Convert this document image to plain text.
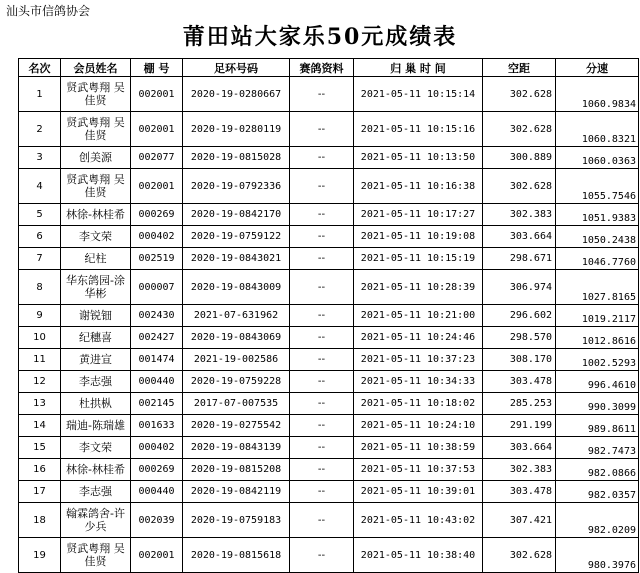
汕头市信鸽协会
莆田站大家乐50元成绩表
名次	会员姓名	棚 号	足环号码	赛鸽资料	归 巢 时 间	空距	分速
1	贤武粤翔 吴佳贤	002001	2020-19-0280667	--	2021-05-11 10:15:14	302.628	1060.9834
2	贤武粤翔 吴佳贤	002001	2020-19-0280119	--	2021-05-11 10:15:16	302.628	1060.8321
3	创美源	002077	2020-19-0815028	--	2021-05-11 10:13:50	300.889	1060.0363
4	贤武粤翔 吴佳贤	002001	2020-19-0792336	--	2021-05-11 10:16:38	302.628	1055.7546
5	林徐-林桂希	000269	2020-19-0842170	--	2021-05-11 10:17:27	302.383	1051.9383
6	李文荣	000402	2020-19-0759122	--	2021-05-11 10:19:08	303.664	1050.2438
7	纪柱	002519	2020-19-0843021	--	2021-05-11 10:15:19	298.671	1046.7760
8	华东鸽园-涂华彬	000007	2020-19-0843009	--	2021-05-11 10:28:39	306.974	1027.8165
9	谢锐钿	002430	2021-07-631962	--	2021-05-11 10:21:00	296.602	1019.2117
10	纪穗喜	002427	2020-19-0843069	--	2021-05-11 10:24:46	298.570	1012.8616
11	黄进宣	001474	2021-19-002586	--	2021-05-11 10:37:23	308.170	1002.5293
12	李志强	000440	2020-19-0759228	--	2021-05-11 10:34:33	303.478	996.4610
13	杜拱枞	002145	2017-07-007535	--	2021-05-11 10:18:02	285.253	990.3099
14	瑞迪-陈瑞雄	001633	2020-19-0275542	--	2021-05-11 10:24:10	291.199	989.8611
15	李文荣	000402	2020-19-0843139	--	2021-05-11 10:38:59	303.664	982.7473
16	林徐-林桂希	000269	2020-19-0815208	--	2021-05-11 10:37:53	302.383	982.0866
17	李志强	000440	2020-19-0842119	--	2021-05-11 10:39:01	303.478	982.0357
18	翰霖鸽舍-许少兵	002039	2020-19-0759183	--	2021-05-11 10:43:02	307.421	982.0209
19	贤武粤翔 吴佳贤	002001	2020-19-0815618	--	2021-05-11 10:38:40	302.628	980.3976
